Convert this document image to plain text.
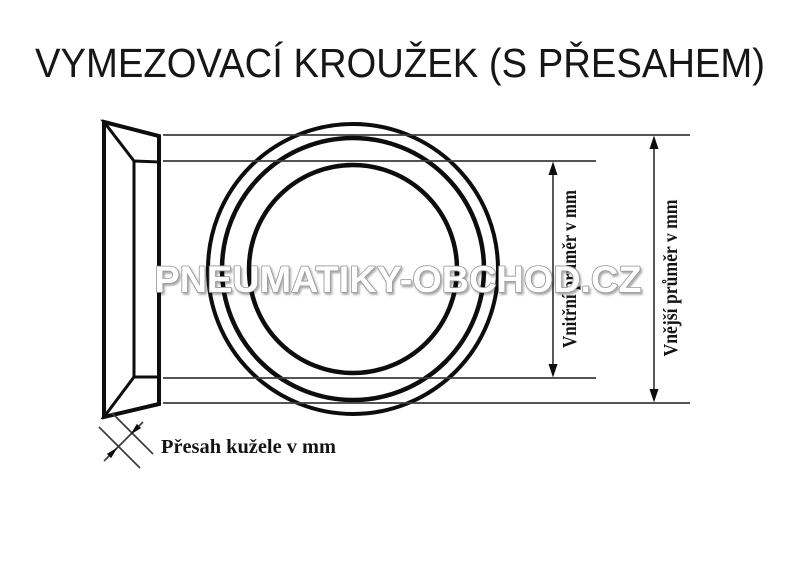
VYMEZOVACÍ KROUŽEK (S PŘESAHEM)
Vnitřní průměr v mm	Vnější průměr v mm
Přesah kužele v mm
PNEUMATIKY-OBCHOD.CZ
